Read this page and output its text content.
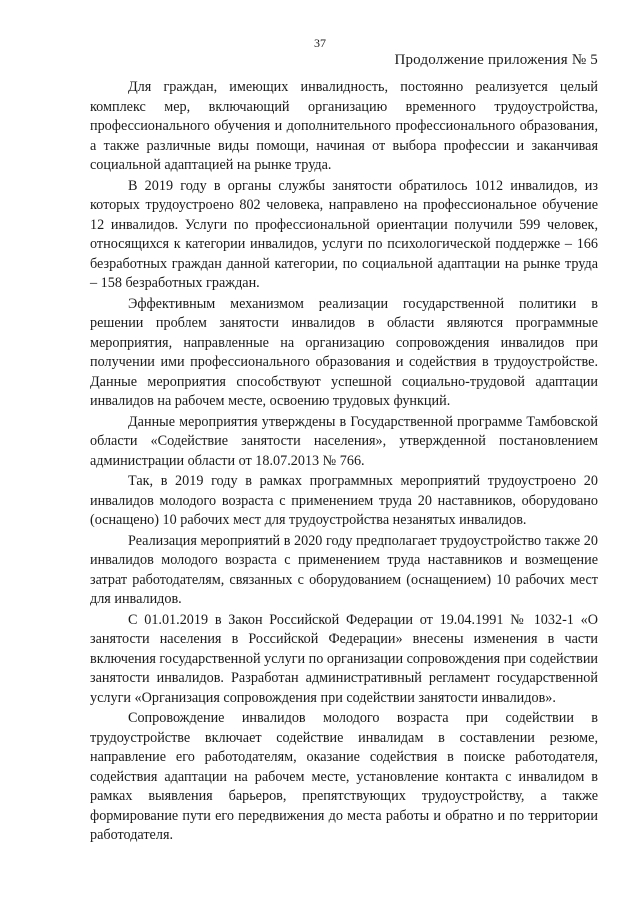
37
Продолжение приложения № 5

Для граждан, имеющих инвалидность, постоянно реализуется целый комплекс мер, включающий организацию временного трудоустройства, профессионального обучения и дополнительного профессионального образования, а также различные виды помощи, начиная от выбора профессии и заканчивая социальной адаптацией на рынке труда.

В 2019 году в органы службы занятости обратилось 1012 инвалидов, из которых трудоустроено 802 человека, направлено на профессиональное обучение 12 инвалидов. Услуги по профессиональной ориентации получили 599 человек, относящихся к категории инвалидов, услуги по психологической поддержке – 166 безработных граждан данной категории, по социальной адаптации на рынке труда – 158 безработных граждан.

Эффективным механизмом реализации государственной политики в решении проблем занятости инвалидов в области являются программные мероприятия, направленные на организацию сопровождения инвалидов при получении ими профессионального образования и содействия в трудоустройстве. Данные мероприятия способствуют успешной социально-трудовой адаптации инвалидов на рабочем месте, освоению трудовых функций.

Данные мероприятия утверждены в Государственной программе Тамбовской области «Содействие занятости населения», утвержденной постановлением администрации области от 18.07.2013 № 766.

Так, в 2019 году в рамках программных мероприятий трудоустроено 20 инвалидов молодого возраста с применением труда 20 наставников, оборудовано (оснащено) 10 рабочих мест для трудоустройства незанятых инвалидов.

Реализация мероприятий в 2020 году предполагает трудоустройство также 20 инвалидов молодого возраста с применением труда наставников и возмещение затрат работодателям, связанных с оборудованием (оснащением) 10 рабочих мест для инвалидов.

С 01.01.2019 в Закон Российской Федерации от 19.04.1991 № 1032-1 «О занятости населения в Российской Федерации» внесены изменения в части включения государственной услуги по организации сопровождения при содействии занятости инвалидов. Разработан административный регламент государственной услуги «Организация сопровождения при содействии занятости инвалидов».

Сопровождение инвалидов молодого возраста при содействии в трудоустройстве включает содействие инвалидам в составлении резюме, направление его работодателям, оказание содействия в поиске работодателя, содействия адаптации на рабочем месте, установление контакта с инвалидом в рамках выявления барьеров, препятствующих трудоустройству, а также формирование пути его передвижения до места работы и обратно и по территории работодателя.
